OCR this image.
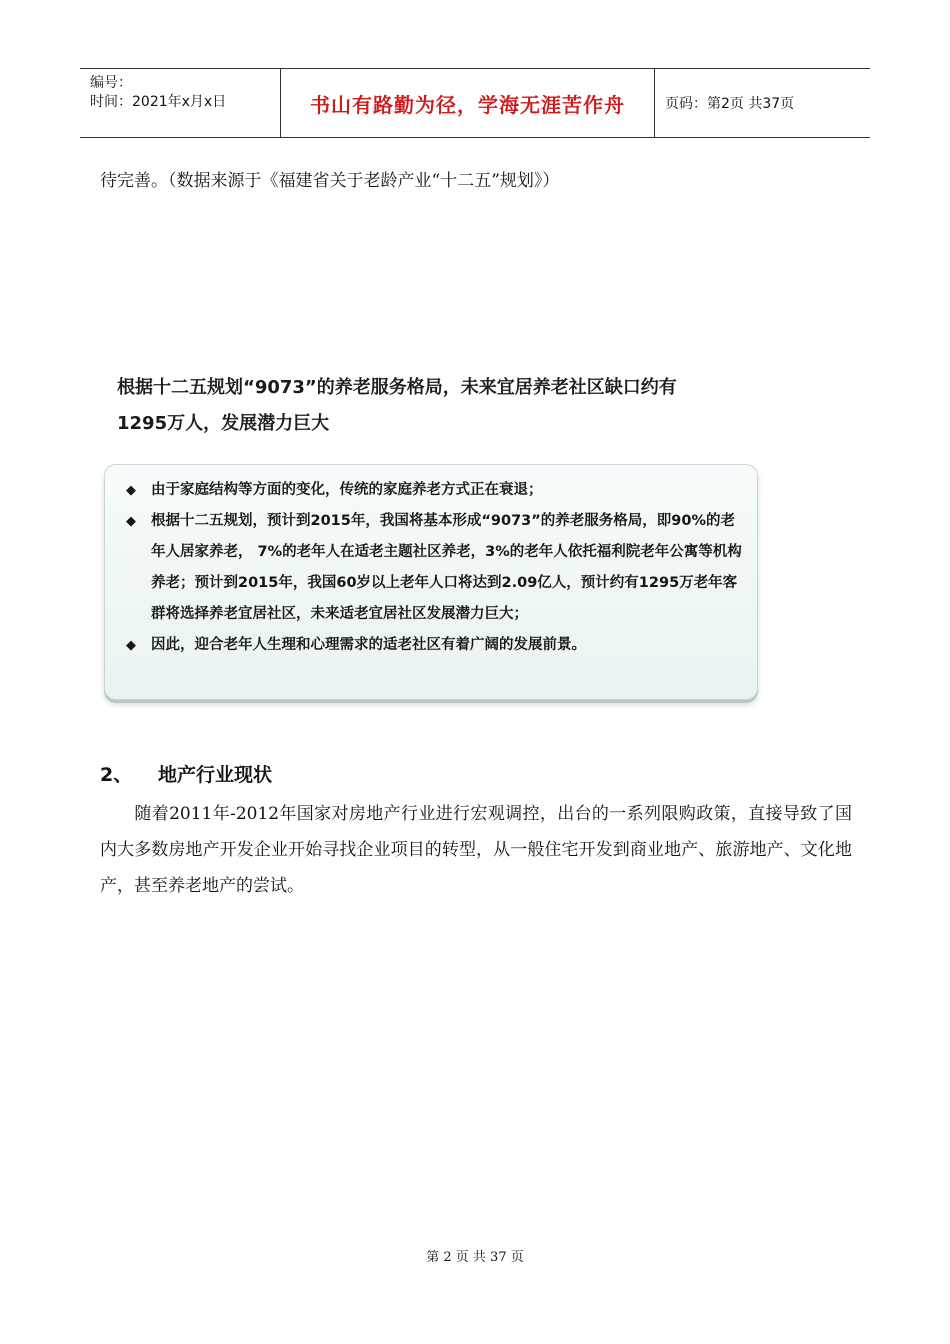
编号：
时间：2021年x月x日	书山有路勤为径，学海无涯苦作舟	页码：第2页 共37页
待完善。（数据来源于《福建省关于老龄产业“十二五”规划》）
根据十二五规划“9073”的养老服务格局，未来宜居养老社区缺口约有
1295万人，发展潜力巨大
◆ 由于家庭结构等方面的变化，传统的家庭养老方式正在衰退；
◆ 根据十二五规划，预计到2015年，我国将基本形成“9073”的养老服务格局，即90%的老年人居家养老， 7%的老年人在适老主题社区养老，3%的老年人依托福利院老年公寓等机构养老；预计到2015年，我国60岁以上老年人口将达到2.09亿人，预计约有1295万老年客群将选择养老宜居社区，未来适老宜居社区发展潜力巨大；
◆ 因此，迎合老年人生理和心理需求的适老社区有着广阔的发展前景。
2、 地产行业现状
随着2011年-2012年国家对房地产行业进行宏观调控，出台的一系列限购政策，直接导致了国内大多数房地产开发企业开始寻找企业项目的转型，从一般住宅开发到商业地产、旅游地产、文化地产，甚至养老地产的尝试。
第 2 页 共 37 页
